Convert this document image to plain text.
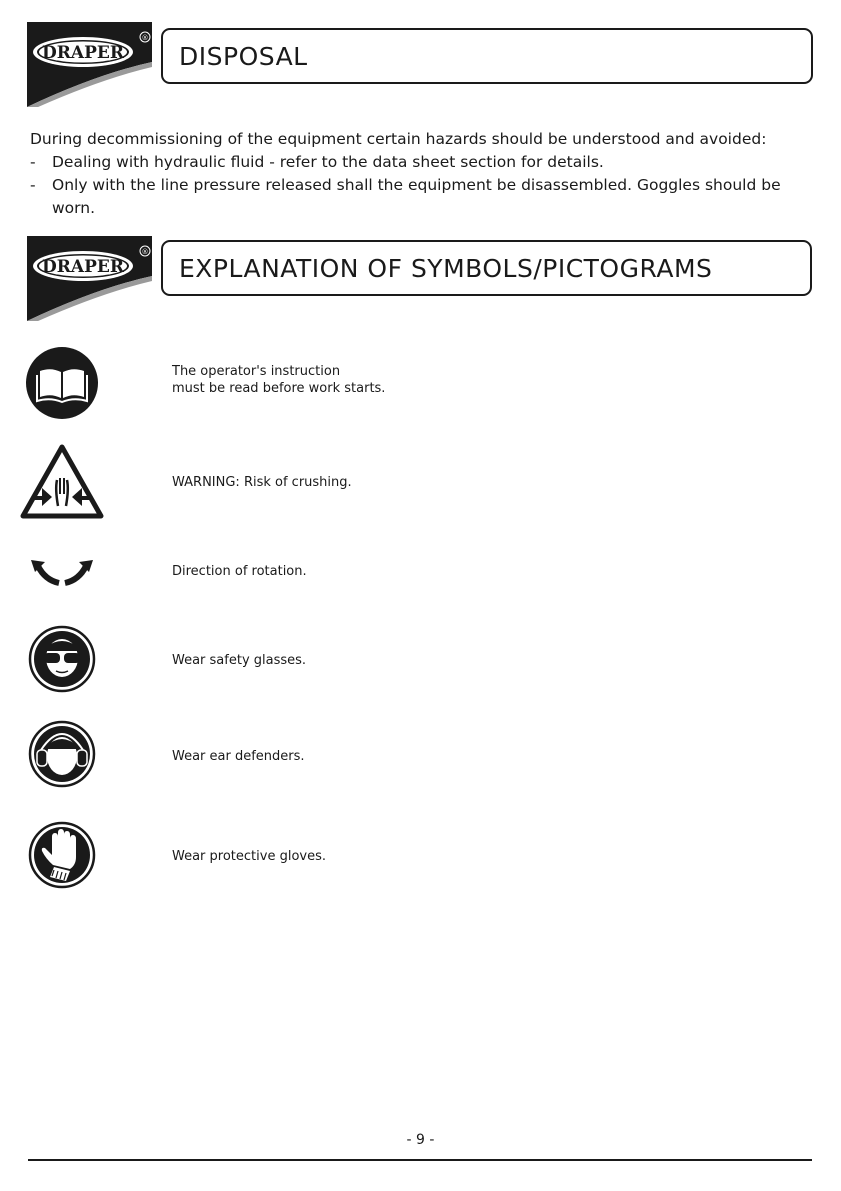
DRAPER
®
DISPOSAL

During decommissioning of the equipment certain hazards should be understood and avoided:

- Dealing with hydraulic fluid - refer to the data sheet section for details.

- Only with the line pressure released shall the equipment be disassembled. Goggles should be worn.

DRAPER
®
EXPLANATION OF SYMBOLS/PICTOGRAMS
The operator's instruction
must be read before work starts.
WARNING: Risk of crushing.
Direction of rotation.
Wear safety glasses.
Wear ear defenders.
Wear protective gloves.
- 9 -
